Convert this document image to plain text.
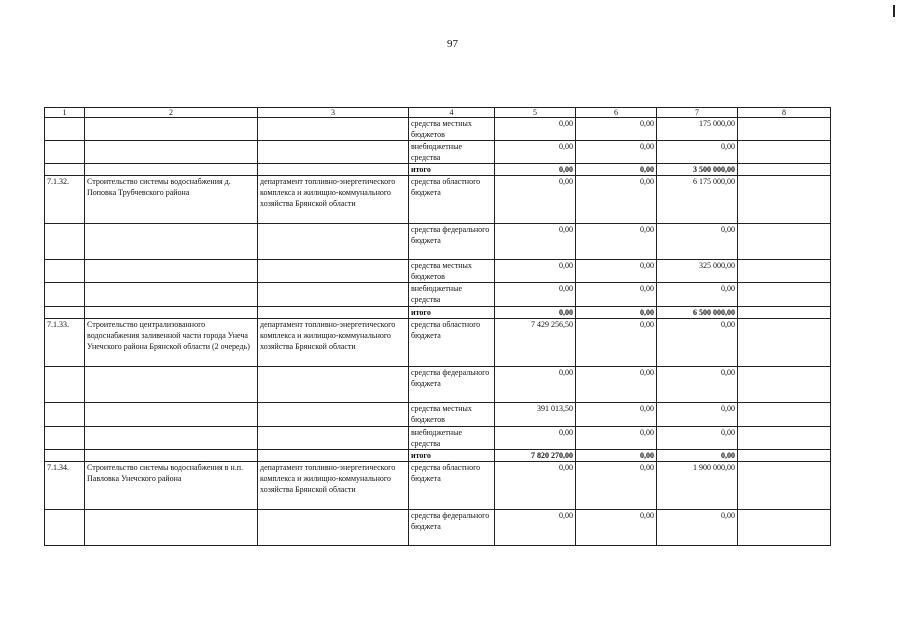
97
1	2	3	4	5	6	7	8
			средства местных бюджетов	0,00	0,00	175 000,00	
			внебюджетные средства	0,00	0,00	0,00	
			итого	0,00	0,00	3 500 000,00	
7.1.32.	Строительство системы водоснабжения д. Поповка Трубчевского района	департамент топливно-энергетического комплекса и жилищно-коммунального хозяйства Брянской области	средства областного бюджета	0,00	0,00	6 175 000,00	
			средства федерального бюджета	0,00	0,00	0,00	
			средства местных бюджетов	0,00	0,00	325 000,00	
			внебюджетные средства	0,00	0,00	0,00	
			итого	0,00	0,00	6 500 000,00	
7.1.33.	Строительство централизованного водоснабжения заливенной части города Унеча Унечского района Брянской области (2 очередь)	департамент топливно-энергетического комплекса и жилищно-коммунального хозяйства Брянской области	средства областного бюджета	7 429 256,50	0,00	0,00	
			средства федерального бюджета	0,00	0,00	0,00	
			средства местных бюджетов	391 013,50	0,00	0,00	
			внебюджетные средства	0,00	0,00	0,00	
			итого	7 820 270,00	0,00	0,00	
7.1.34.	Строительство системы водоснабжения в н.п. Павловка Унечского района	департамент топливно-энергетического комплекса и жилищно-коммунального хозяйства Брянской области	средства областного бюджета	0,00	0,00	1 900 000,00	
			средства федерального бюджета	0,00	0,00	0,00	
